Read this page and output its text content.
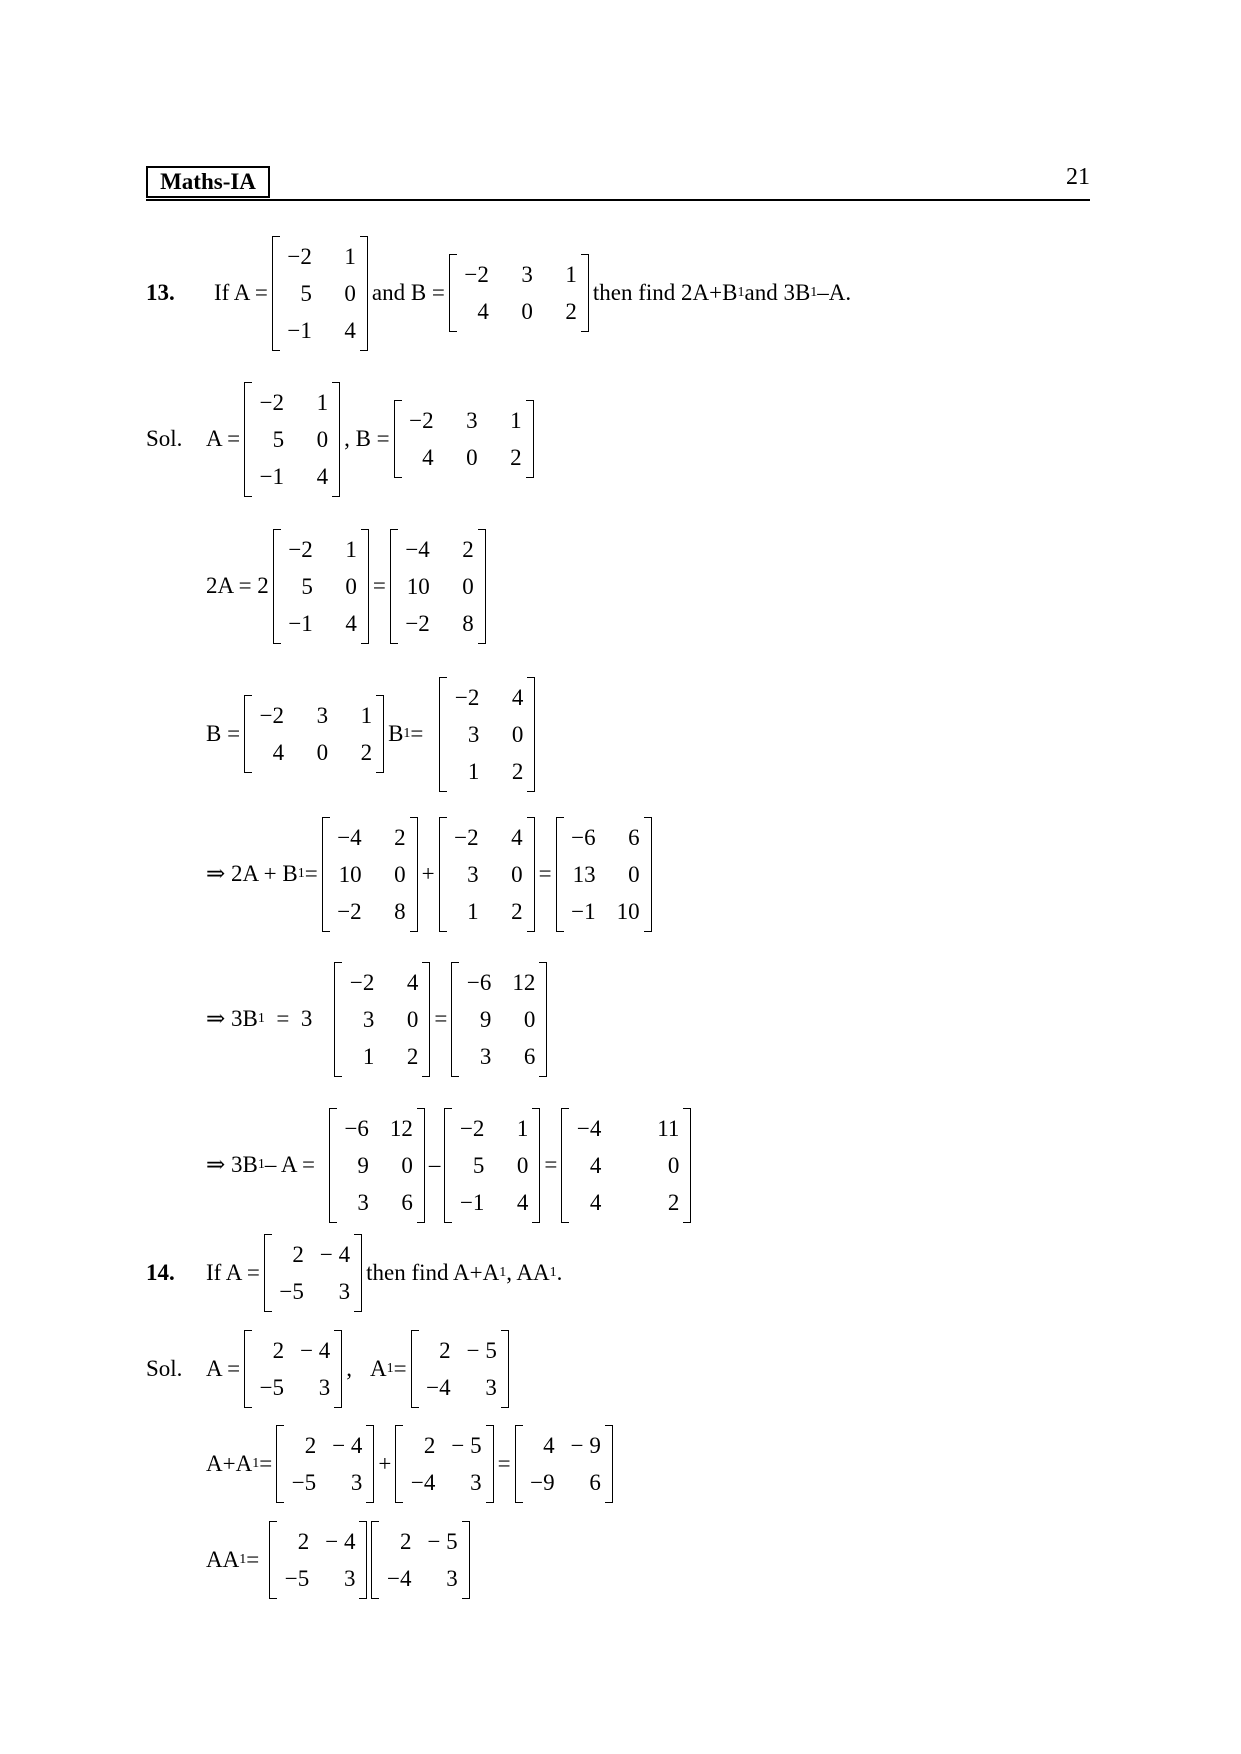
Maths-IA	21
13.	If A =
−2	1
5	0
−1	4
and B =
−2	3	1
4	0	2
then find 2A+B 1 and 3B 1 –A.
Sol.	A =
−2	1
5	0
−1	4
, B =
−2	3	1
4	0	2
2A = 2
−2	1
5	0
−1	4
=
−4	2
10	0
−2	8
B =
−2	3	1
4	0	2
B 1 =
−2	4
3	0
1	2
⇒ 2A + B 1 =
−4	2
10	0
−2	8
+
−2	4
3	0
1	2
=
−6	6
13	0
−1 10
⇒ 3B 1 =  3
−2	4
3	0
1	2
=
−6 12
9	0
3	6
⇒ 3B 1 – A =
−6 12
9	0
3	6
–
−2	1
5	0
−1	4
=
−4 11
4	0
4	2
14.	If A =
2 − 4
−5	3
then find A+A 1 , AA 1 .
Sol.	A =
2 − 4
−5	3
, A 1 =
2 − 5
−4	3
A+A 1 =
2 − 4
−5	3
+
2 − 5
−4	3
=
4 − 9
−9	6
AA 1 =
2 − 4
−5	3
2 − 5
−4	3
